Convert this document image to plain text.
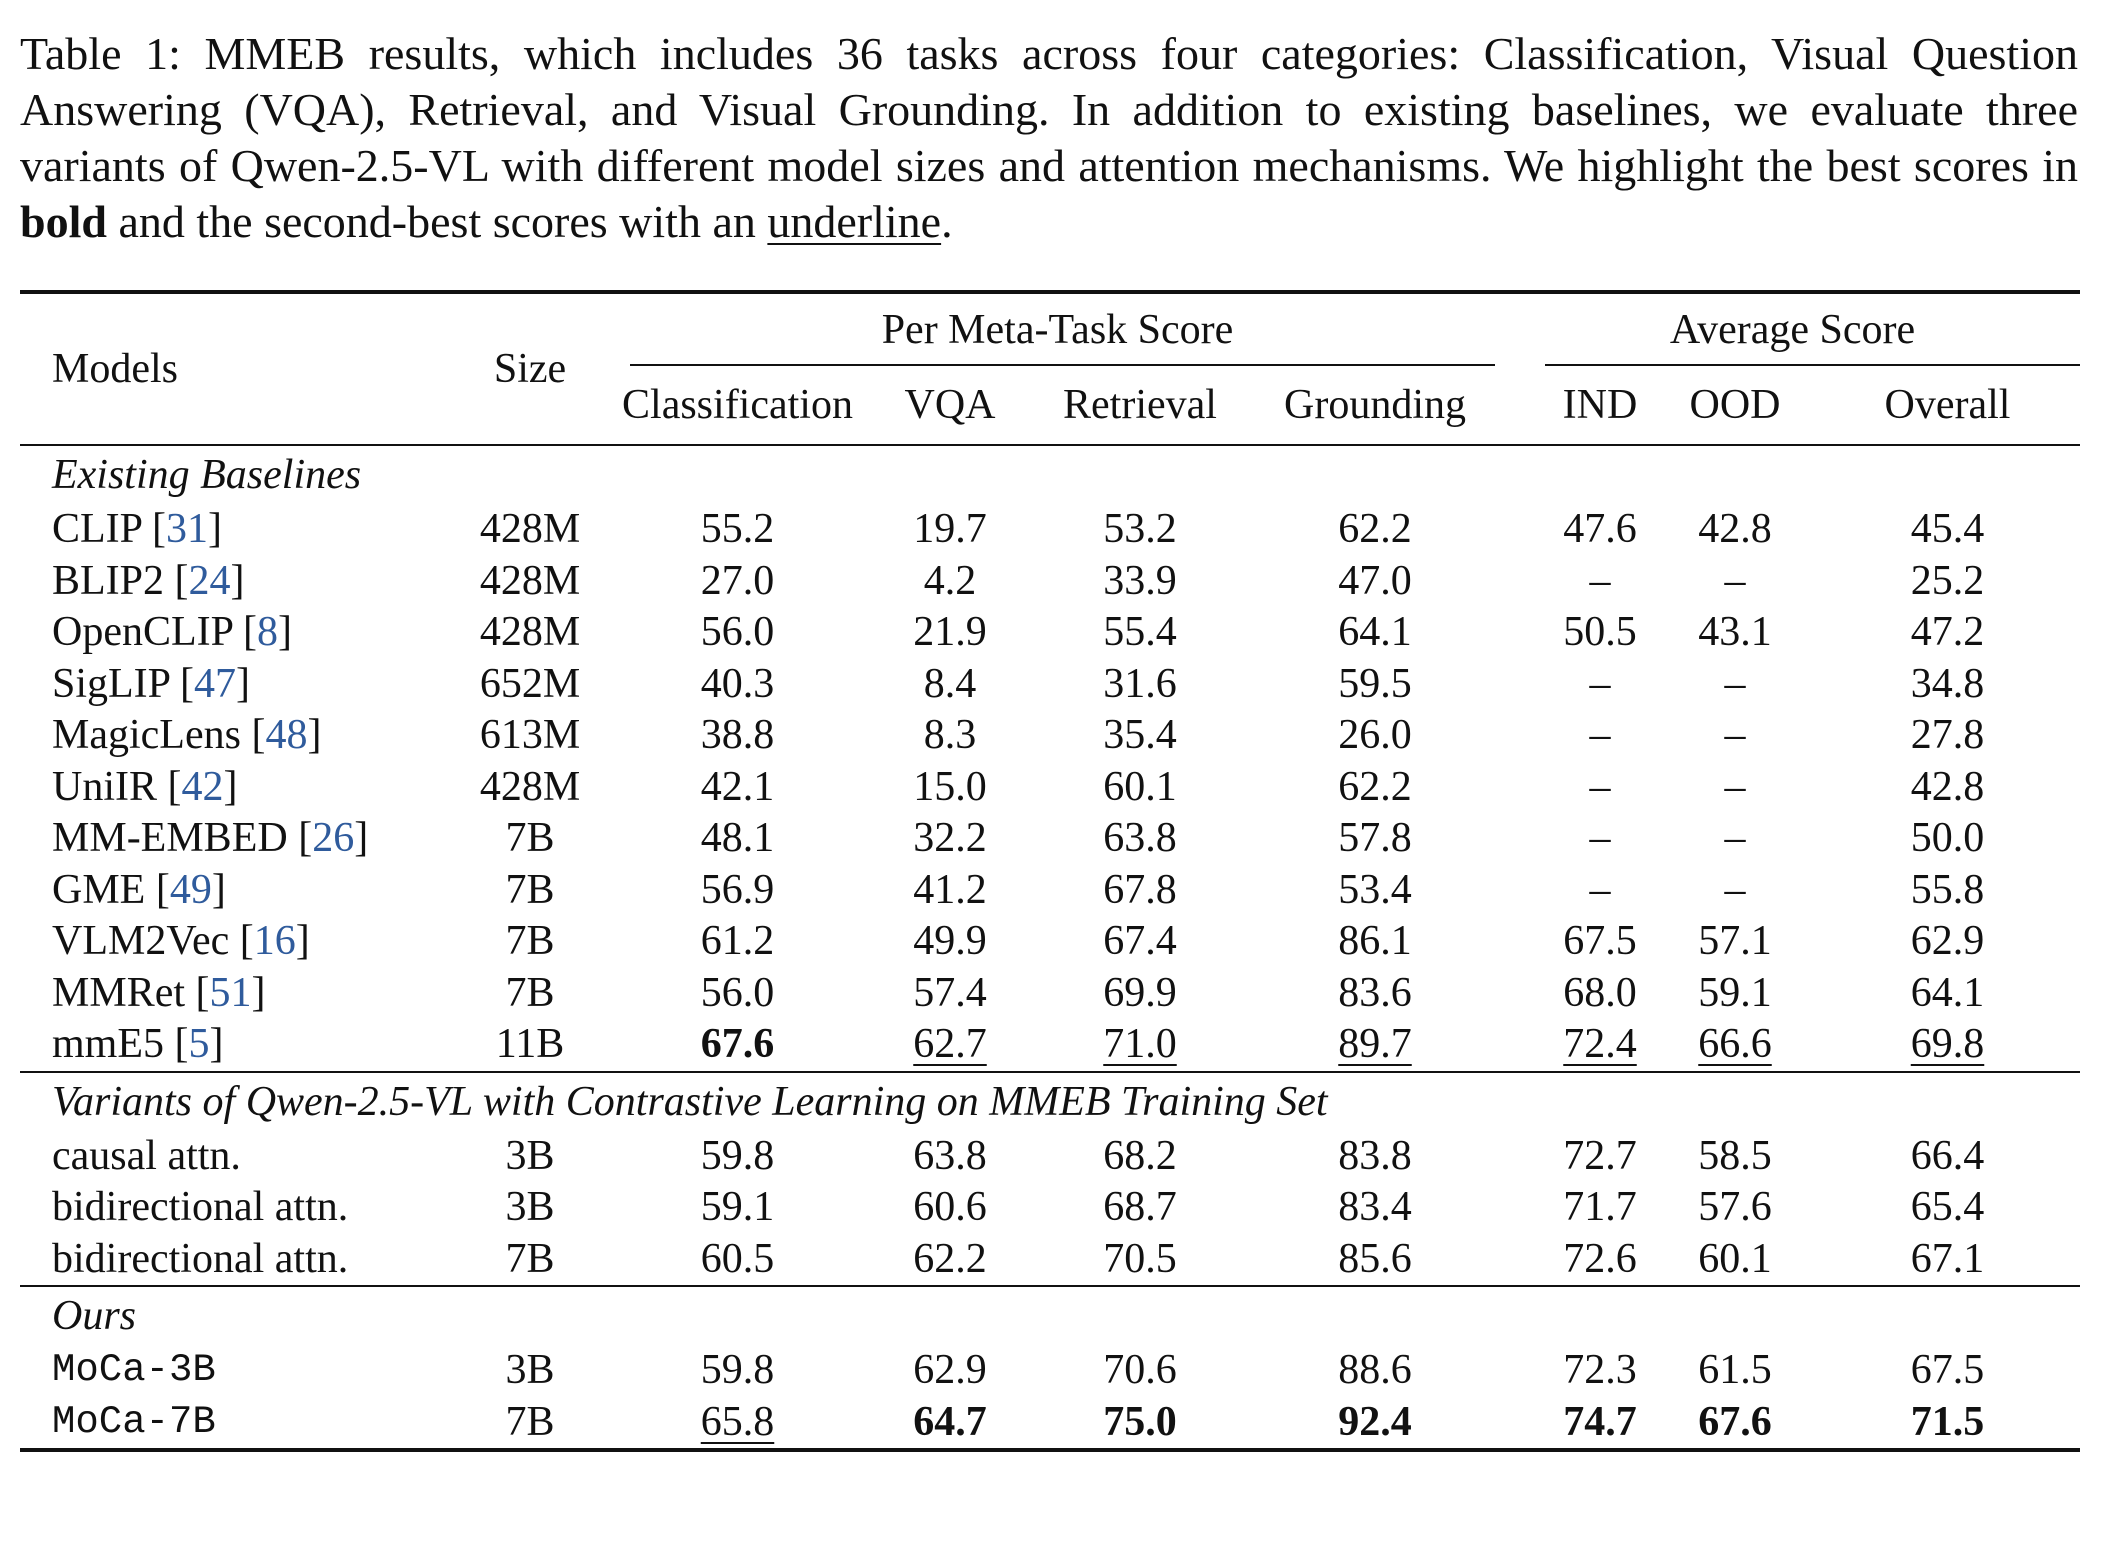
Table 1: MMEB results, which includes 36 tasks across four categories: Classification, Visual Question Answering (VQA), Retrieval, and Visual Grounding. In addition to existing baselines, we evaluate three variants of Qwen-2.5-VL with different model sizes and attention mechanisms. We highlight the best scores in bold and the second-best scores with an underline.
Models	Size	Per Meta-Task Score				Average Score		

		Classification	VQA	Retrieval	Grounding	IND	OOD	Overall
Existing Baselines								
CLIP [31]	428M	55.2	19.7	53.2	62.2	47.6	42.8	45.4
BLIP2 [24]	428M	27.0	4.2	33.9	47.0	–	–	25.2
OpenCLIP [8]	428M	56.0	21.9	55.4	64.1	50.5	43.1	47.2
SigLIP [47]	652M	40.3	8.4	31.6	59.5	–	–	34.8
MagicLens [48]	613M	38.8	8.3	35.4	26.0	–	–	27.8
UniIR [42]	428M	42.1	15.0	60.1	62.2	–	–	42.8
MM-EMBED [26]	7B	48.1	32.2	63.8	57.8	–	–	50.0
GME [49]	7B	56.9	41.2	67.8	53.4	–	–	55.8
VLM2Vec [16]	7B	61.2	49.9	67.4	86.1	67.5	57.1	62.9
MMRet [51]	7B	56.0	57.4	69.9	83.6	68.0	59.1	64.1
mmE5 [5]	11B	67.6	62.7	71.0	89.7	72.4	66.6	69.8
Variants of Qwen-2.5-VL with Contrastive Learning on MMEB Training Set								
causal attn.	3B	59.8	63.8	68.2	83.8	72.7	58.5	66.4
bidirectional attn.	3B	59.1	60.6	68.7	83.4	71.7	57.6	65.4
bidirectional attn.	7B	60.5	62.2	70.5	85.6	72.6	60.1	67.1
Ours								
MoCa-3B	3B	59.8	62.9	70.6	88.6	72.3	61.5	67.5
MoCa-7B	7B	65.8	64.7	75.0	92.4	74.7	67.6	71.5
